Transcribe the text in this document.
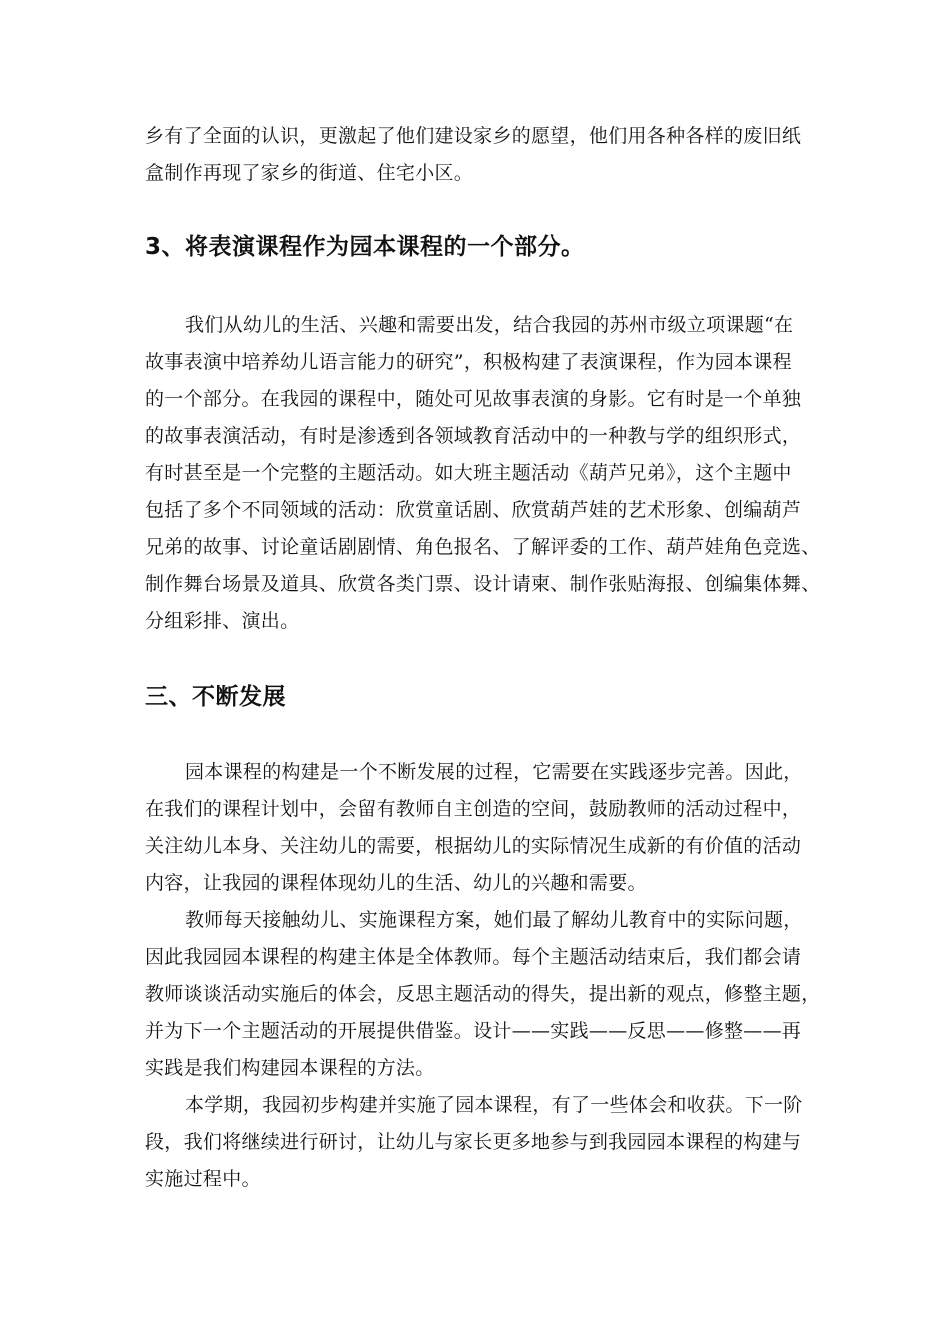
乡有了全面的认识，更激起了他们建设家乡的愿望，他们用各种各样的废旧纸
盒制作再现了家乡的街道、住宅小区。
3、将表演课程作为园本课程的一个部分。
我们从幼儿的生活、兴趣和需要出发，结合我园的苏州市级立项课题“在
故事表演中培养幼儿语言能力的研究”，积极构建了表演课程，作为园本课程
的一个部分。在我园的课程中，随处可见故事表演的身影。它有时是一个单独
的故事表演活动，有时是渗透到各领域教育活动中的一种教与学的组织形式，
有时甚至是一个完整的主题活动。如大班主题活动《葫芦兄弟》，这个主题中
包括了多个不同领域的活动：欣赏童话剧、欣赏葫芦娃的艺术形象、创编葫芦
兄弟的故事、讨论童话剧剧情、角色报名、了解评委的工作、葫芦娃角色竞选、
制作舞台场景及道具、欣赏各类门票、设计请柬、制作张贴海报、创编集体舞、
分组彩排、演出。
三、不断发展
园本课程的构建是一个不断发展的过程，它需要在实践逐步完善。因此，
在我们的课程计划中，会留有教师自主创造的空间，鼓励教师的活动过程中，
关注幼儿本身、关注幼儿的需要，根据幼儿的实际情况生成新的有价值的活动
内容，让我园的课程体现幼儿的生活、幼儿的兴趣和需要。
教师每天接触幼儿、实施课程方案，她们最了解幼儿教育中的实际问题，
因此我园园本课程的构建主体是全体教师。每个主题活动结束后，我们都会请
教师谈谈活动实施后的体会，反思主题活动的得失，提出新的观点，修整主题，
并为下一个主题活动的开展提供借鉴。设计——实践——反思——修整——再
实践是我们构建园本课程的方法。
本学期，我园初步构建并实施了园本课程，有了一些体会和收获。下一阶
段，我们将继续进行研讨，让幼儿与家长更多地参与到我园园本课程的构建与
实施过程中。
